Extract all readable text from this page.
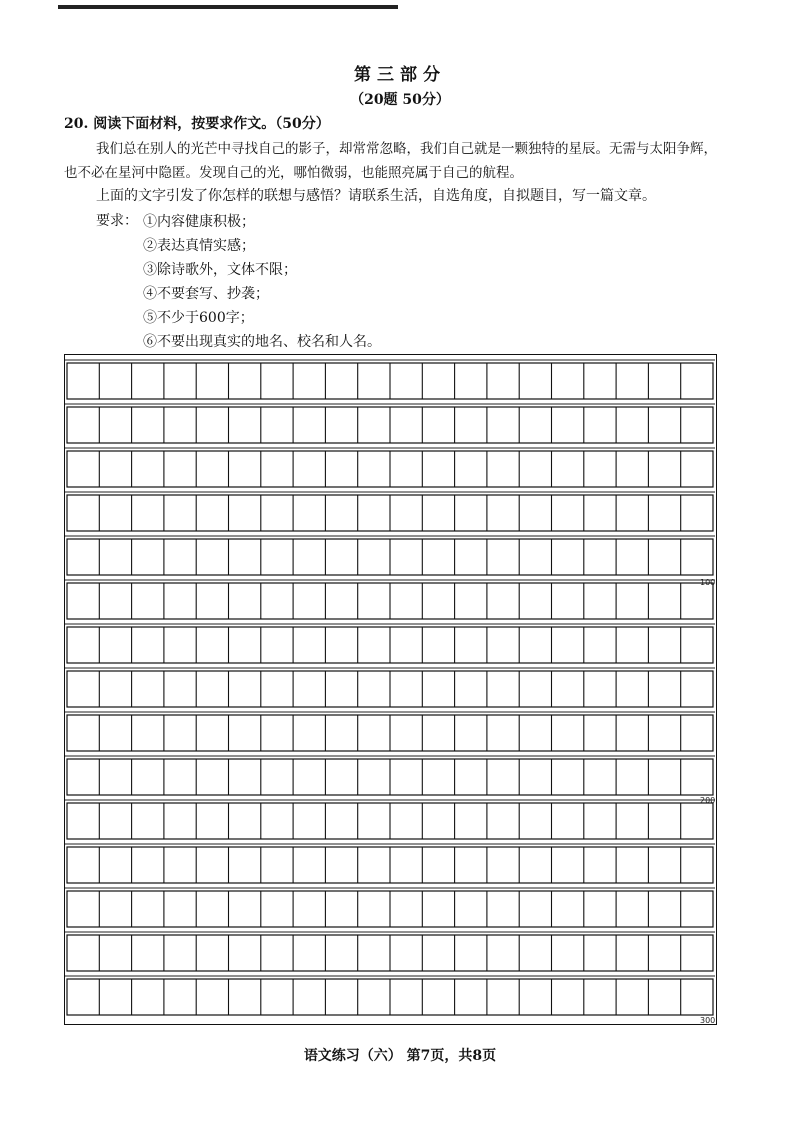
第三部分
（20题 50分）
20. 阅读下面材料，按要求作文。（50分）
我们总在别人的光芒中寻找自己的影子，却常常忽略，我们自己就是一颗独特的星辰。无需与太阳争辉，也不必在星河中隐匿。发现自己的光，哪怕微弱，也能照亮属于自己的航程。
上面的文字引发了你怎样的联想与感悟？请联系生活，自选角度，自拟题目，写一篇文章。
要求： ①内容健康积极；
②表达真情实感；
③除诗歌外，文体不限；
④不要套写、抄袭；
⑤不少于600字；
⑥不要出现真实的地名、校名和人名。
100
200
300
语文练习（六） 第7页，共8页
